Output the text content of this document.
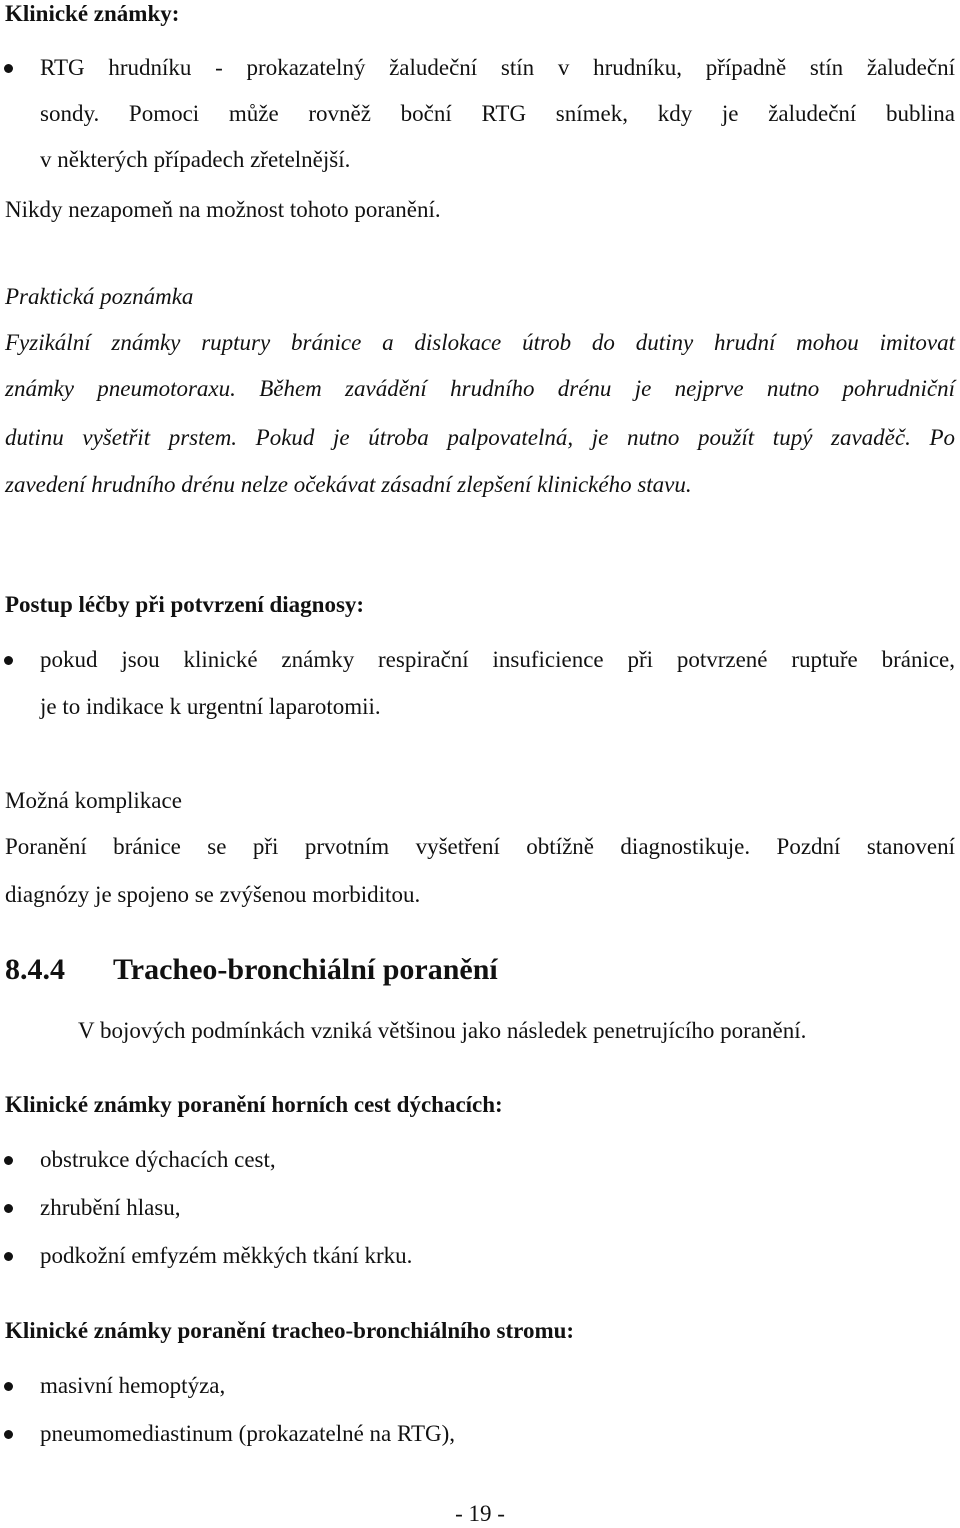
Klinické známky:
RTG hrudníku - prokazatelný žaludeční stín v hrudníku, případně stín žaludeční
sondy. Pomoci může rovněž boční RTG snímek, kdy je žaludeční bublina
v některých případech zřetelnější.
Nikdy nezapomeň na možnost tohoto poranění.
Praktická poznámka
Fyzikální známky ruptury bránice a dislokace útrob do dutiny hrudní mohou imitovat
známky pneumotoraxu. Během zavádění hrudního drénu je nejprve nutno pohrudniční
dutinu vyšetřit prstem. Pokud je útroba palpovatelná, je nutno použít tupý zavaděč. Po
zavedení hrudního drénu nelze očekávat zásadní zlepšení klinického stavu.
Postup léčby při potvrzení diagnosy:
pokud jsou klinické známky respirační insuficience při potvrzené ruptuře bránice,
je to indikace k urgentní laparotomii.
Možná komplikace
Poranění bránice se při prvotním vyšetření obtížně diagnostikuje. Pozdní stanovení
diagnózy je spojeno se zvýšenou morbiditou.
8.4.4 Tracheo-bronchiální poranění
V bojových podmínkách vzniká většinou jako následek penetrujícího poranění.
Klinické známky poranění horních cest dýchacích:
obstrukce dýchacích cest,
zhrubění hlasu,
podkožní emfyzém měkkých tkání krku.
Klinické známky poranění tracheo-bronchiálního stromu:
masivní hemoptýza,
pneumomediastinum (prokazatelné na RTG),
- 19 -
